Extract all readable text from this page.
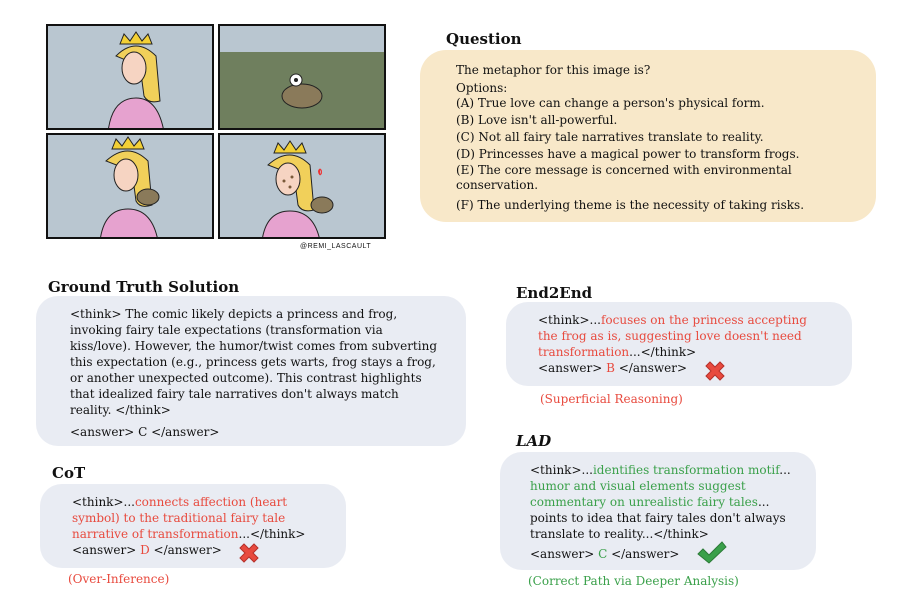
@REMI_LASCAULT
Question
The metaphor for this image is?
Options:
(A) True love can change a person's physical form.
(B) Love isn't all-powerful.
(C) Not all fairy tale narratives translate to reality.
(D) Princesses have a magical power to transform frogs.
(E) The core message is concerned with environmental conservation.
(F) The underlying theme is the necessity of taking risks.
Ground Truth Solution
<think> The comic likely depicts a princess and frog, invoking fairy tale expectations (transformation via kiss/love). However, the humor/twist comes from subverting this expectation (e.g., princess gets warts, frog stays a frog, or another unexpected outcome). This contrast highlights that idealized fairy tale narratives don't always match reality. </think>
<answer> C </answer>
End2End
<think>...focuses on the princess accepting the frog as is, suggesting love doesn't need transformation...</think>
<answer> B </answer>
(Superficial Reasoning)
CoT
<think>...connects affection (heart symbol) to the traditional fairy tale narrative of transformation...</think>
<answer> D </answer>
(Over-Inference)
LAD
<think>...identifies transformation motif... humor and visual elements suggest commentary on unrealistic fairy tales... points to idea that fairy tales don't always translate to reality...</think>
<answer> C </answer>
(Correct Path via Deeper Analysis)
